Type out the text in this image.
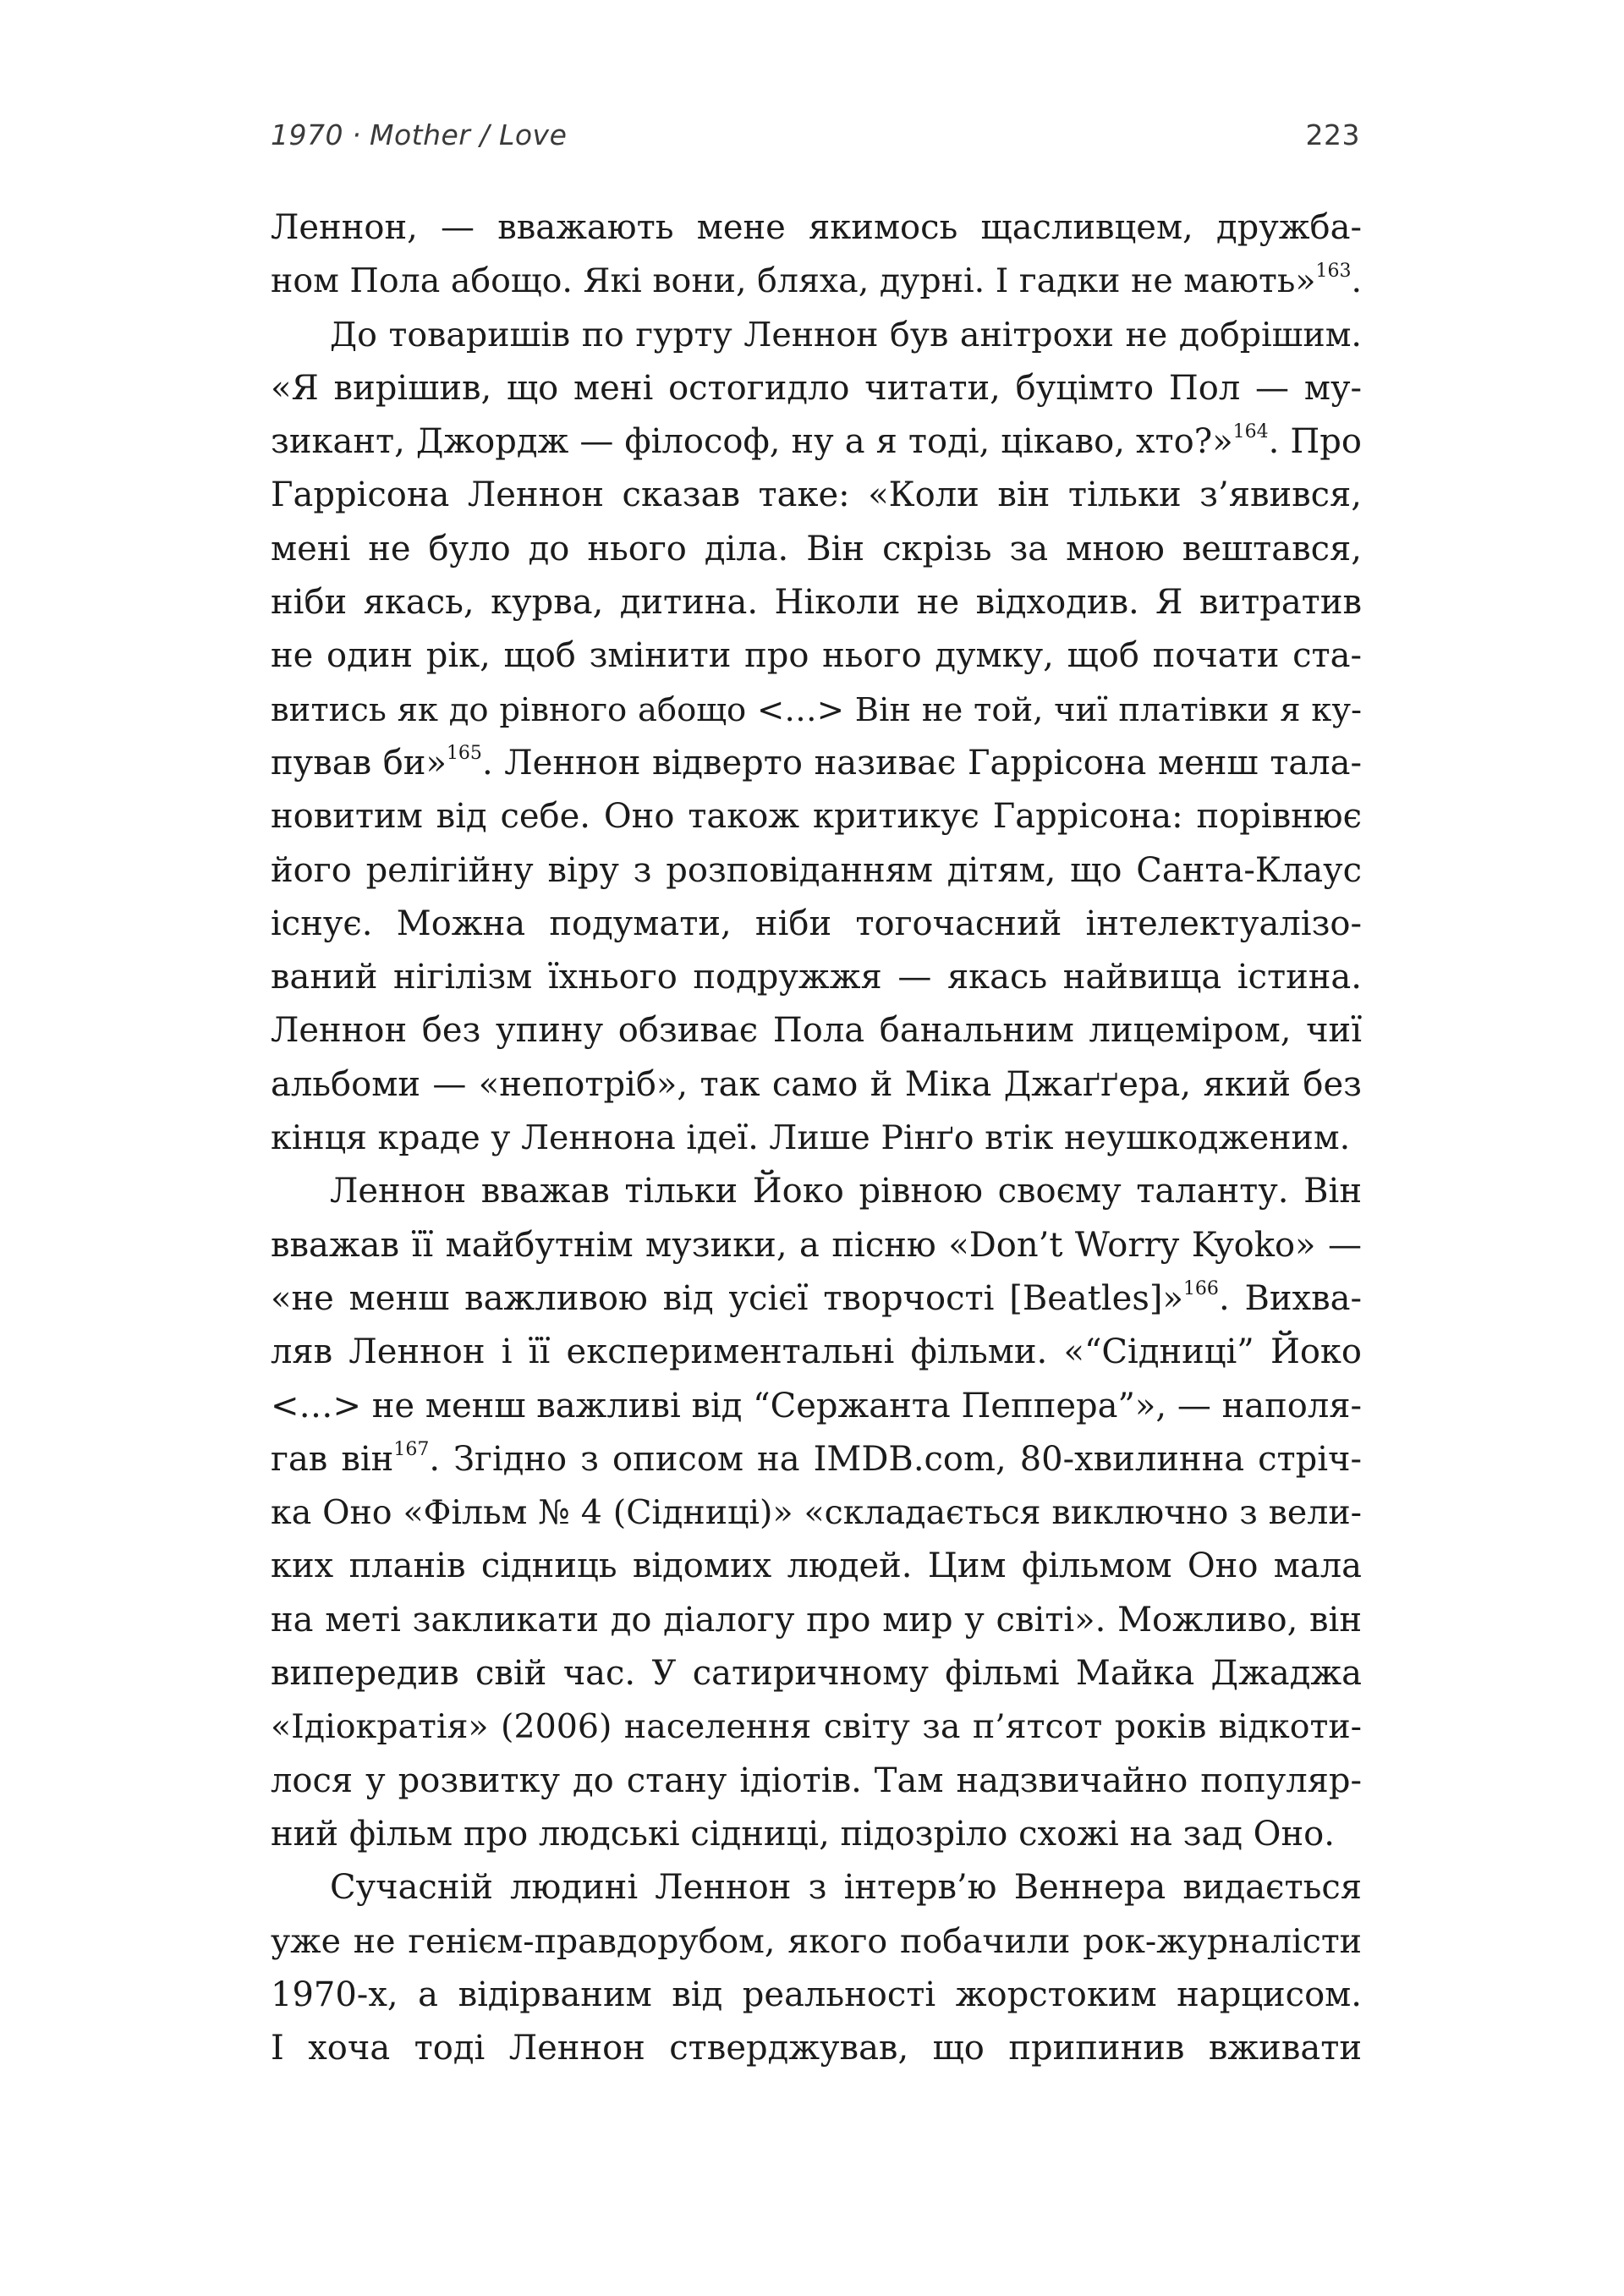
1970 · Mother / Love	223
Леннон, — вважають мене якимось щасливцем, дружба-
ном Пола абощо. Які вони, бляха, дурні. І гадки не мають»$^{163}$.
До товаришів по гурту Леннон був анітрохи не добрішим.
«Я вирішив, що мені остогидло читати, буцімто Пол — му-
зикант, Джордж — філософ, ну а я тоді, цікаво, хто?»$^{164}$. Про
Гаррісона Леннон сказав таке: «Коли він тільки з’явився,
мені не було до нього діла. Він скрізь за мною вештався,
ніби якась, курва, дитина. Ніколи не відходив. Я витратив
не один рік, щоб змінити про нього думку, щоб почати ста-
витись як до рівного абощо <…> Він не той, чиї платівки я ку-
пував би»$^{165}$. Леннон відверто називає Гаррісона менш тала-
новитим від себе. Оно також критикує Гаррісона: порівнює
його релігійну віру з розповіданням дітям, що Санта-Клаус
існує. Можна подумати, ніби тогочасний інтелектуалізо-
ваний нігілізм їхнього подружжя — якась найвища істина.
Леннон без упину обзиває Пола банальним лицеміром, чиї
альбоми — «непотріб», так само й Міка Джаґґера, який без
кінця краде у Леннона ідеї. Лише Рінґо втік неушкодженим.
Леннон вважав тільки Йоко рівною своєму таланту. Він
вважав її майбутнім музики, а пісню «Don’t Worry Kyoko» —
«не менш важливою від усієї творчості [Beatles]»$^{166}$. Вихва-
ляв Леннон і її експериментальні фільми. «“Сідниці” Йоко
<…> не менш важливі від “Сержанта Пеппера”», — наполя-
гав він$^{167}$. Згідно з описом на IMDB.com, 80-хвилинна стріч-
ка Оно «Фільм № 4 (Сідниці)» «складається виключно з вели-
ких планів сідниць відомих людей. Цим фільмом Оно мала
на меті закликати до діалогу про мир у світі». Можливо, він
випередив свій час. У сатиричному фільмі Майка Джаджа
«Ідіократія» (2006) населення світу за п’ятсот років відкоти-
лося у розвитку до стану ідіотів. Там надзвичайно популяр-
ний фільм про людські сідниці, підозріло схожі на зад Оно.
Сучасній людині Леннон з інтерв’ю Веннера видається
уже не генієм-правдорубом, якого побачили рок-журналісти
1970-х, а відірваним від реальності жорстоким нарцисом.
І хоча тоді Леннон стверджував, що припинив вживати
